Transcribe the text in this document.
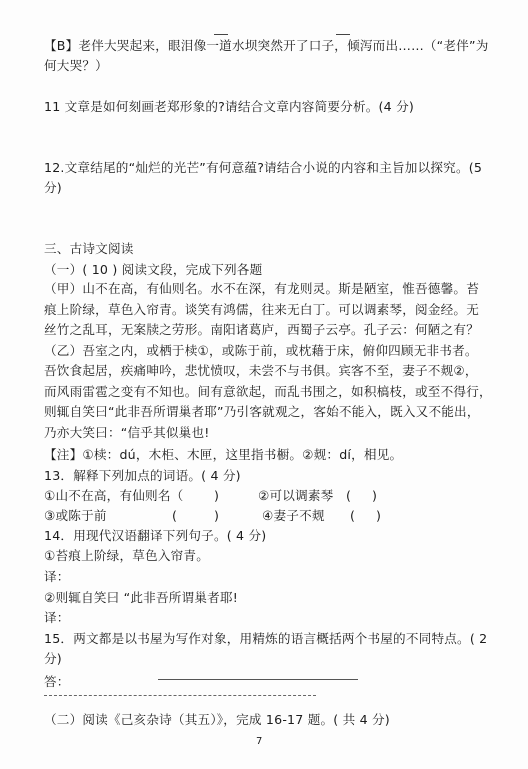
【B】老伴大哭起来，眼泪像一道水坝突然开了口子，倾泻而出……（“老伴”为
何大哭？）
11 文章是如何刻画老郑形象的?请结合文章内容简要分析。(4 分)
12.文章结尾的“灿烂的光芒”有何意蕴?请结合小说的内容和主旨加以探究。(5
分)
三、古诗文阅读
（一）( 10 ) 阅读文段，完成下列各题
（甲）山不在高，有仙则名。水不在深，有龙则灵。斯是陋室，惟吾德馨。苔
痕上阶绿，草色入帘青。谈笑有鸿儒，往来无白丁。可以调素琴，阅金经。无
丝竹之乱耳，无案牍之劳形。南阳诸葛庐，西蜀子云亭。孔子云：何陋之有？
（乙）吾室之内，或栖于椟①，或陈于前，或枕藉于床，俯仰四顾无非书者。
吾饮食起居，疾痛呻吟，悲忧愤叹，未尝不与书俱。宾客不至，妻子不觌②，
而风雨雷雹之变有不知也。间有意欲起，而乱书围之，如积槁枝，或至不得行，
则辄自笑曰“此非吾所谓巢者耶”乃引客就观之，客始不能入，既入又不能出，
乃亦大笑曰：“信乎其似巢也!
【注】①椟：dú，木柜、木匣，这里指书橱。②觌：dí，相见。
13．解释下列加点的词语。( 4 分)
①山不在高，有仙则名（ )	②可以调素琴 ( )
③或陈于前	(	)	④妻子不觌 ( )
14．用现代汉语翻译下列句子。( 4 分)
①苔痕上阶绿，草色入帘青。
译：
②则辄自笑曰 “此非吾所谓巢者耶!
译：
15．两文都是以书屋为写作对象，用精炼的语言概括两个书屋的不同特点。( 2
分)
答：
（二）阅读《己亥杂诗（其五）》，完成 16-17 题。( 共 4 分)
7
